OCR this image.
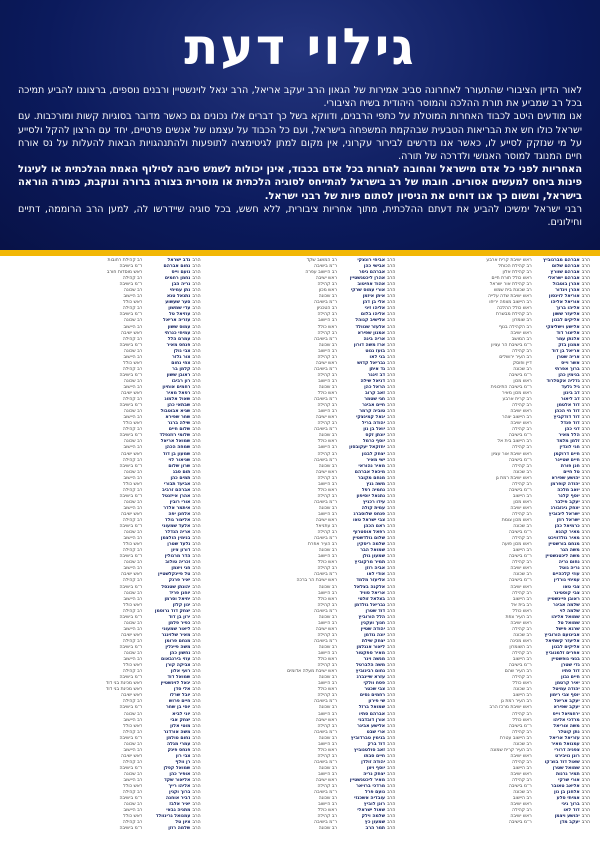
גילוי דעת

לאור הדיון הציבורי שהתעורר לאחרונה סביב אמירות של הגאון הרב יעקב אריאל, הרב יגאל לוינשטיין ורבנים נוספים, ברצוננו להביע תמיכה בכל רב שמביע את תורת ההלכה והמוסר היהודית בשיח הציבורי.

אנו מודעים היטב לכבוד האחרות המוטלת על כתפי הרבנים, ודווקא בשל כך דברים אלו נכונים גם כאשר מדובר בסוגיות קשות ומורכבות. עם ישראל כולו חש את הבריאות הטבעית שבהקמת המשפחה בישראל, ועם כל הכבוד על עצמנו של אנשים פרטיים, יחד עם הרצון להקל ולסייע על מי שנזקק לסייע לו, כאשר אנו נדרשים לבירור עקרוני, אין מקום למתן לגיטימציה לתופעות ולהתנהגויות הבאות להעלות על נס אורח חיים המנוגד למוסר האנושי ולדרכה של תורה.

האחריות לפני כל אדם מישראל והחובה להורות בכל אדם בכבוד, אינן יכולות לשמש סיבה לסילוף האמת ההלכתית או לעיגול פינות ביחס למעשים אסורים. חובתו של רב בישראל להתייחס לסוגיה הלכתית או מוסרית בצורה ברורה ונוקבת, כמורה הוראה בישראל, ומשום כך אנו דוחים את הניסיון לסתום פיות של רבני ישראל.

רבני ישראל ימשיכו להביע את דעתם ההלכתית, מתוך אחריות ציבורית, ללא חשש, בכל סוגיה שיידרשו לה, למען הרב הרוממה, דתיים וחילונים.

הרב
אברהם מברגוביץ
ראש ישיבת קרית ארבע
הרב
אברהם שלום
רב קהילת הכותל
הרב
אברהם שוורץ
רב קהילת אלון
הרב
אברהם ישראלי
ראש כולל תורת חיים
הרב
אהרן בוטבול
רב קהילת אור ישראל
הרב
אהרן ויגדור
רב שכונת בית שמש
הרב
אוריאל לוינסון
ראש ישיבת שדה עלייה
הרב
אוריאל אליהו
רב היישוב מצפה יריחו
הרב
אליהו ברוך
ראש כולל ההלכה
הרב
אליעזר ששון
רב קהילת מבשרת
הרב
אליקים לבנון
רב שומרון
הרב
אלישע וישליצקי
רב הקהילה בנוף
הרב
אליצור דוד
ראש ישיבה
הרב
אלנתן עמר
רב המושב
הרב
אמנון בזק
ר"מ בישיבת הר עציון
הרב
אריאל בן דוד
רב קהילה
הרב
אריה שטרן
רב העיר ירושלים
הרב
אשר וייס
דיין ופוסק
הרב
ברוך אפרתי
רב שכונה
הרב
בנימין כהן
ר"מ בישיבה
הרב
גדליה אקסלרוד
ראש מכון
הרב
גיל גלעד
ר"מ בישיבה התיכונית
הרב
דב ביגון
ראש מכון מאיר
הרב
דב ליאור
רב קרית ארבע
הרב
דוד אלטמן
רב קהילה
הרב
דוד חי הכהן
ראש ישיבה
הרב
דוד דודקביץ
רב היישוב יצהר
הרב
דוד פנדל
ראש ישיבה
הרב
דני כהן
רב קהילה
הרב
הלל מאיר
ר"מ בישיבה
הרב
זלמן מלמד
רב היישוב בית אל
הרב
חגי לונדין
רב קהילה
הרב
חיים דרוקמן
ראש ישיבת אור עציון
הרב
חיים שטיינר
ר"מ בישיבה
הרב
חנן פורת
רב קהילה
הרב
טל חיים
רב שכונה
הרב
יהושע שפירא
ראש ישיבת רמת גן
הרב
יהודה קופרמן
רב קהילה
הרב
יואב מלכה
ר"מ בישיבה
הרב
יוסף קלנר
רב היישוב
הרב
יעקב פילבר
ראש מכון
הרב
יצחק גינזבורג
ראש ישיבה
הרב
ישראל ליבוביץ
רב קהילה
הרב
ישראל רוזן
ראש מכון צומת
הרב
כרמיאל כהן
רב שכונה
הרב
מאיר קהנא
ר"מ בישיבה
הרב
מאיר גולדוויכט
רב קהילה
הרב
מנחם בורשטיין
ראש מכון פועה
הרב
משה הגר
רב היישוב
הרב
משה ליכטנשטיין
ר"מ בישיבה
הרב
נחום נריה
רב קהילה
הרב
נריה גוטל
ראש ישיבה
הרב
עוזי קלכהיים
רב שכונה
הרב
עמיחי גורדין
ר"מ בישיבה
הרב
צבי טאו
ראש ישיבה
הרב
צבי קוסטינר
רב קהילה
הרב
ראובן פיינשטיין
רב היישוב
הרב
שלמה אבינר
רב בית אל
הרב
שלמה לוי
ראש כולל
הרב
שמואל אליהו
רב העיר צפת
הרב
שמואל טל
ראש ישיבה
הרב
שרגא פישל
רב קהילה
הרב
אבינועם הורוביץ
רב שכונה
הרב
אליעזר קשתיאל
ראש מכינה
הרב
אליקים לבנון
רב השומרון
הרב
אפרים זלמנוביץ
רב קהילה
הרב
בנצי גופשטיין
רב היישוב
הרב
גדי שטרן
ר"מ בישיבה
הרב
דוד סתיו
רב העיר שהם
הרב
חיים נבון
רב קהילה
הרב
יאיר קרטמן
ראש כולל
הרב
יהודה עמיטל
רב שכונה
הרב
יוסף צבי רימון
רב היישוב
הרב
יעקב אריאל
רב העיר רמת גן
הרב
יעקב שפירא
ראש ישיבת מרכז הרב
הרב
ירחמיאל וייס
רב קהילה
הרב
מרדכי אליהו
ראש כולל
הרב
משה צוריאל
ר"מ בישיבה
הרב
נתן קוטלר
רב קהילה
הרב
עזריאל אריאל
רב היישוב עטרת
הרב
עמנואל מאיר
רב שכונה
הרב
צפניה דרורי
רב העיר קרית שמונה
הרב
רונן נויבירט
ראש ישיבה
הרב
שאול דוד בוצ'קו
רב קהילה
הרב
שמואל שטרן
רב היישוב
הרב
תמיר גרנות
ראש ישיבה
הרב
אורי שרקי
רב קהילה
הרב
אליאב טאובר
ר"מ בישיבה
הרב
אלחנן בן נון
רב שכונה
הרב
אמיתי סלע
רב היישוב
הרב
ברוך גיגי
ראש ישיבה
הרב
דוד לאו
רב קהילה
הרב
יהושע ויצמן
ראש ישיבה
הרב
יעקב מדן
ר"מ בישיבה
הרב
אביחי רונצקי
רב המושב שקד
הרב
אבישי כהן
ר"מ בישיבה
הרב
אברהם גיסר
רב היישוב עפרה
הרב
אהרן ליכטנשטיין
ראש ישיבה
הרב
אהוד אחיטוב
רב קהילה
הרב
אורי עמוס שרקי
ראש מכון
הרב
איתן איזמן
רב שכונה
הרב
אלי בן דהן
ר"מ בישיבה
הרב
אליהו זיני
רב הטכניון
הרב
אליהו בלום
רב קהילה
הרב
אלישיב קנוהל
רב היישוב
הרב
אלעזר שנוולד
ראש כולל
הרב
אמנון שפירא
רב קהילה
הרב
אריה בינה
ר"מ בישיבה
הרב
ארז משה דורון
רב שכונה
הרב
בועז גנוט
רב היישוב
הרב
בני לאו
רב קהילה
הרב
גבריאל קדוש
ראש ישיבה
הרב
גד איתן
ר"מ בישיבה
הרב
דב זינגר
רב קהילה
הרב
דניאל שילה
רב היישוב
הרב
הראל כהן
רב שכונה
הרב
זאב קרוב
ראש כולל
הרב
חגי שטמר
ר"מ בישיבה
הרב
חיים אבינר
רב קהילה
הרב
טוביה קרמר
רב היישוב
הרב
יגאל קמינצקי
ראש ישיבה
הרב
יהודה בריל
רב קהילה
הרב
יואל בן נון
ר"מ בישיבה
הרב
יונתן זקס
רב שכונה
הרב
יוסף כרמל
ראש כולל
הרב
יחזקאל יעקובסון
רב היישוב
הרב
יצחק לבנון
רב קהילה
הרב
ישי מאיר
ר"מ בישיבה
הרב
מאיר נהוראי
רב שכונה
הרב
מיכאל אברהם
ראש ישיבה
הרב
מנחם מקובר
רב קהילה
הרב
משה גנץ
רב היישוב
הרב
נחמיה רפל
ראש כולל
הרב
נתנאל יוסיפון
רב קהילה
הרב
עידו רכניץ
ר"מ בישיבה
הרב
עמית קולה
רב שכונה
הרב
פנחס שלוסברג
רב היישוב
הרב
צבי ישראל טאו
ראש ישיבה
הרב
ראם הכהן
רב עתניאל
הרב
רפאל אוסטרוף
רב קהילה
הרב
שלום גולדשטיין
ר"מ בישיבה
הרב
שלמה ריסקין
רב העיר אפרת
הרב
שמואל הבר
רב שכונה
הרב
שמעון גולן
רב היישוב
הרב
תמיר מרקוביץ
ראש כולל
הרב
אביה רוזן
רב קהילה
הרב
אודי לאו
ר"מ בישיבה
הרב
אליעזר מלמד
ראש ישיבת הר ברכה
הרב
אלקנה בצלאל
רב שכונה
הרב
אריאל סוויד
רב היישוב
הרב
בצלאל זולטי
ראש כולל
הרב
גבריאל גולדמן
רב קהילה
הרב
דוד שטרן
ר"מ בישיבה
הרב
הלל הורוביץ
רב שכונה
הרב
חנוך ועקנין
רב היישוב
הרב
יהודה שטיין
ראש ישיבה
הרב
יונה גודמן
רב קהילה
הרב
יצחק שילת
ר"מ בישיבה
הרב
ליאור אנגלמן
רב שכונה
הרב
מאיר ספקטור
רב היישוב
הרב
מנשה וינר
ראש כולל
הרב
משה הלברטל
רב קהילה
הרב
נחום רבינוביץ
ראש ישיבת מעלה אדומים
הרב
עזרא שיינברג
רב שכונה
הרב
פסח וולקי
רב היישוב
הרב
צבי שכטר
ראש כולל
הרב
רחמים נסים
רב קהילה
הרב
שי פירון
ר"מ בישיבה
הרב
שמואל ברזל
רב שכונה
הרב
אברהם סתיו
רב היישוב
הרב
אורן דובדבני
ראש ישיבה
הרב
אלישע אבינר
רב קהילה
הרב
ארי שבט
ר"מ בישיבה
הרב
בנימין טברדוביץ
רב שכונה
הרב
דוד ברק
רב היישוב
הרב
זאב סולטנוביץ
ראש כולל
הרב
חיים סבתו
רב קהילה
הרב
יהודה זולדן
ר"מ בישיבה
הרב
יוסף ויצן
רב שכונה
הרב
יצחק נריה
רב היישוב
הרב
מאיר ליכטנשטיין
ראש ישיבה
הרב
מרדכי ברויאר
רב קהילה
הרב
נועם פרל
ר"מ בישיבה
הרב
עובדיה אשכנזי
רב שכונה
הרב
רונן לוביץ
רב היישוב
הרב
שאול ישראלי
ראש כולל
הרב
שלמה וילק
רב קהילה
הרב
שמעון כץ
ר"מ בישיבה
הרב
תמר הרב
רב שכונה
הרב
נדב ישראל
רב קהילת רחובות
הרב
נחום אברהם
ר"מ בישיבה
הרב
נועם וייס
ראש מוסדות חורב
הרב
נחמן רחמים
רב קהילה
הרב
נריה הבן
ר"מ בישיבה
הרב
נתן עמיחי
רב שכונה
הרב
נתנאל טנא
רב היישוב
הרב
סער שעשוע
ראש כולל
הרב
עדי שמשון
רב קהילה
הרב
עוזיאל טל
ר"מ בישיבה
הרב
עזריה אריאל
רב שכונה
הרב
עמוס ששון
רב היישוב
הרב
עמיחי כנרתי
ראש ישיבה
הרב
עמרם הלל
רב קהילה
הרב
פנחס מאיר
ר"מ בישיבה
הרב
צבי גולן
רב שכונה
הרב
צור גלזר
רב היישוב
הרב
צחי נחום
ראש כולל
הרב
קלמן בר
רב קהילה
הרב
ראובן ששון
ר"מ בישיבה
הרב
רון רביבו
רב שכונה
הרב
רחמים אוחיון
רב היישוב
הרב
רפאל מאיר
ראש ישיבה
הרב
שאול אלמוג
רב קהילה
הרב
שבתאי כהן
ר"מ בישיבה
הרב
שגיא אבוטבול
רב שכונה
הרב
שחר שפירא
רב היישוב
הרב
שילה ברגר
ראש כולל
הרב
שלום חיים
רב קהילה
הרב
שלומי רוזנפלד
ר"מ בישיבה
הרב
שמואל אריאל
רב שכונה
הרב
שמחה הכהן
רב היישוב
הרב
שמעון בן דוד
ראש ישיבה
הרב
שניאור לוי
רב קהילה
הרב
שרון שלום
ר"מ בישיבה
הרב
תום סבג
רב שכונה
הרב
תמים כהן
רב היישוב
הרב
אביעד תבורי
ראש כולל
הרב
אברהם זרביב
רב קהילה
הרב
אהרן אייזנטל
ר"מ בישיבה
הרב
אורי רובין
רב שכונה
הרב
איתמר אלדר
רב היישוב
הרב
אלחנן יפה
ראש ישיבה
הרב
אליצור גולד
רב קהילה
הרב
אלעד שמעוני
ר"מ בישיבה
הרב
אריה הנדלר
רב שכונה
הרב
בנימין הולצמן
רב היישוב
הרב
גלעד שטרן
ראש כולל
הרב
דורון ציון
רב קהילה
הרב
הדר מרגולין
ר"מ בישיבה
הרב
זכריה טולוב
רב שכונה
הרב
חגי ויצמן
רב היישוב
הרב
טל פיינקלשטיין
ראש ישיבה
הרב
יאיר פרנק
רב קהילה
הרב
יהונתן שטנסל
ר"מ בישיבה
הרב
יוחנן פריד
רב שכונה
הרב
יחיאל וסרמן
רב היישוב
הרב
ינון קלזן
ראש כולל
הרב
יצחק דוד גרוסמן
רב קהילה
הרב
ירון בן דוד
ר"מ בישיבה
הרב
כפיר פלמן
רב שכונה
הרב
ליאור שמעוני
רב היישוב
הרב
מאיר שלזינגר
ראש ישיבה
הרב
מנחם פרומן
רב קהילה
הרב
משה פייגלין
ר"מ בישיבה
הרב
נחשון כהן
רב שכונה
הרב
עוזי בירנבאום
רב היישוב
הרב
צביקה קורן
ראש כולל
הרב
רועי אלון
רב קהילה
הרב
שמואל דוד
ר"מ בישיבה
הרב
יגאל לוינשטיין
ראש מכינת בני דוד
הרב
אלי סדן
ראש מכינת בני דוד
הרב
יובל שרלו
ראש ישיבה
הרב
חיים פרוש
רב קהילה
הרב
יוסי בן שחר
ר"מ בישיבה
הרב
יוני לביא
רב שכונה
הרב
יצחק אבי
רב היישוב
הרב
מוטי אלון
ראש כולל
הרב
משה אורדנר
רב קהילה
הרב
נחום טולמן
ר"מ בישיבה
הרב
עמרי מגלה
רב שכונה
הרב
פנחס פינק
רב היישוב
הרב
צבי רון
ראש ישיבה
הרב
רן וולף
רב קהילה
הרב
שמואל קפלן
ר"מ בישיבה
הרב
אופיר כהן
רב שכונה
הרב
אליאור שקד
רב היישוב
הרב
אליהו רייך
ראש כולל
הרב
ברוך וקנין
רב קהילה
הרב
דביר אוחנה
ר"מ בישיבה
הרב
יאיר אלבז
רב שכונה
הרב
מתניה גבאי
רב היישוב
הרב
עמנואל גרינוולד
ראש כולל
הרב
ציון טל
רב קהילה
הרב
שלמה רוזן
ר"מ בישיבה
